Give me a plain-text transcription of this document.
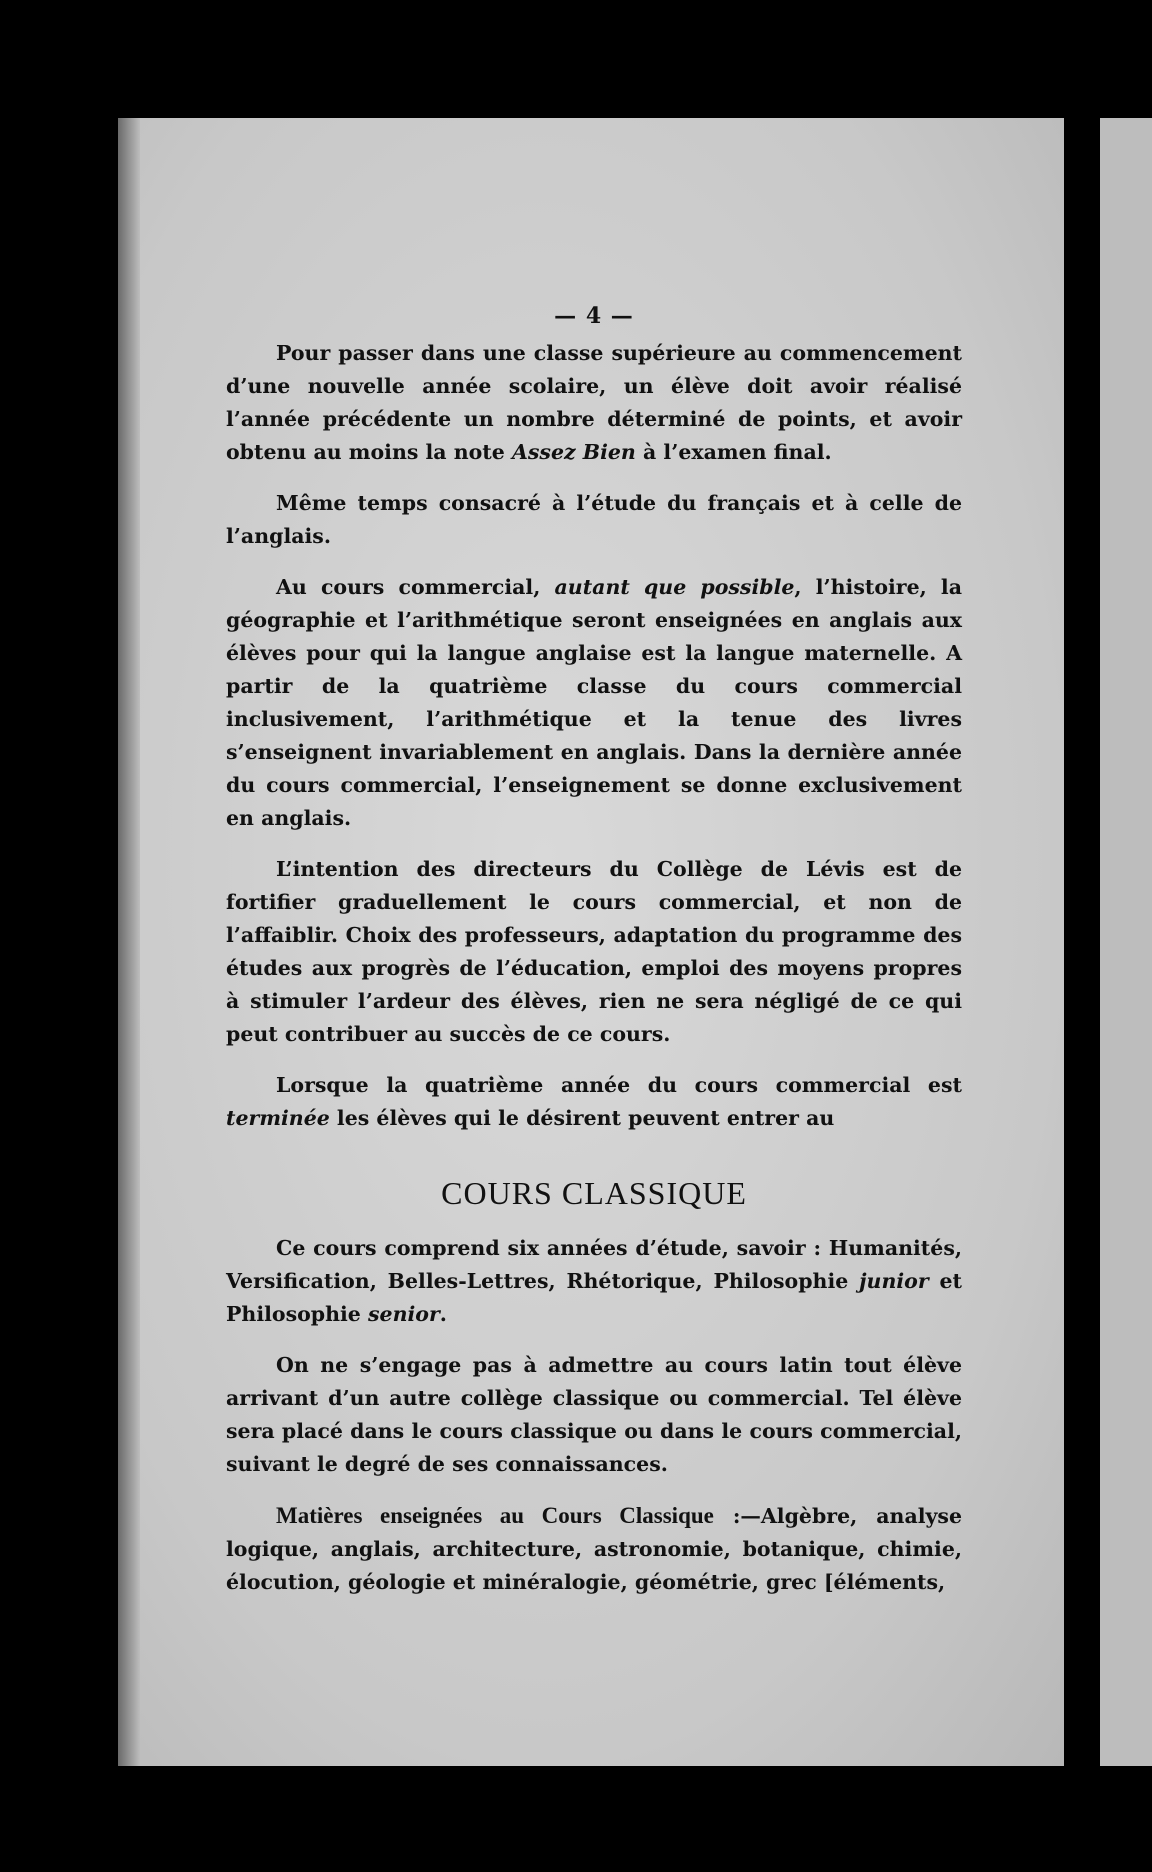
— 4 —

Pour passer dans une classe supérieure au commencement d’une nouvelle année scolaire, un élève doit avoir réalisé l’année précédente un nombre déterminé de points, et avoir obtenu au moins la note Assez Bien à l’examen final.

Même temps consacré à l’étude du français et à celle de l’anglais.

Au cours commercial, autant que possible, l’histoire, la géographie et l’arithmétique seront enseignées en anglais aux élèves pour qui la langue anglaise est la langue maternelle. A partir de la quatrième classe du cours commercial inclusivement, l’arithmétique et la tenue des livres s’enseignent invariablement en anglais. Dans la dernière année du cours commercial, l’enseignement se donne exclusivement en anglais.

L’intention des directeurs du Collège de Lévis est de fortifier graduellement le cours commercial, et non de l’affaiblir. Choix des professeurs, adaptation du programme des études aux progrès de l’éducation, emploi des moyens propres à stimuler l’ardeur des élèves, rien ne sera négligé de ce qui peut contribuer au succès de ce cours.

Lorsque la quatrième année du cours commercial est terminée les élèves qui le désirent peuvent entrer au

COURS CLASSIQUE

Ce cours comprend six années d’étude, savoir : Humanités, Versification, Belles-Lettres, Rhétorique, Philosophie junior et Philosophie senior.

On ne s’engage pas à admettre au cours latin tout élève arrivant d’un autre collège classique ou commercial. Tel élève sera placé dans le cours classique ou dans le cours commercial, suivant le degré de ses connaissances.

Matières enseignées au Cours Classique :—Algèbre, analyse logique, anglais, architecture, astronomie, botanique, chimie, élocution, géologie et minéralogie, géométrie, grec [éléments,
